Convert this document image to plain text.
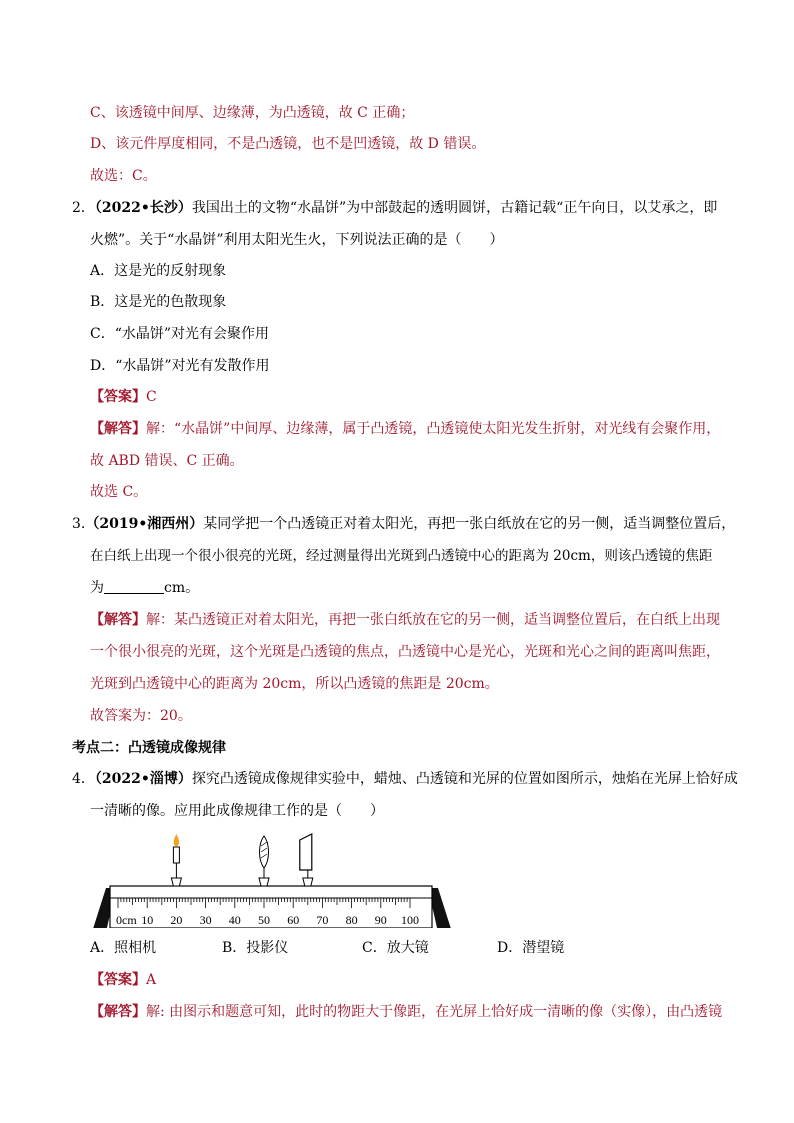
C、该透镜中间厚、边缘薄，为凸透镜，故 C 正确；
D、该元件厚度相同，不是凸透镜，也不是凹透镜，故 D 错误。
故选：C。
2．（2022•长沙）我国出土的文物“水晶饼”为中部鼓起的透明圆饼，古籍记载“正午向日，以艾承之，即
火燃”。关于“水晶饼”利用太阳光生火，下列说法正确的是（　　）
A．这是光的反射现象
B．这是光的色散现象
C．“水晶饼”对光有会聚作用
D．“水晶饼”对光有发散作用
【答案】C
【解答】解：“水晶饼”中间厚、边缘薄，属于凸透镜，凸透镜使太阳光发生折射，对光线有会聚作用，
故 ABD 错误、C 正确。
故选 C。
3.（2019•湘西州）某同学把一个凸透镜正对着太阳光，再把一张白纸放在它的另一侧，适当调整位置后，
在白纸上出现一个很小很亮的光斑，经过测量得出光斑到凸透镜中心的距离为 20cm，则该凸透镜的焦距
为	cm。
【解答】解：某凸透镜正对着太阳光，再把一张白纸放在它的另一侧，适当调整位置后，在白纸上出现
一个很小很亮的光斑，这个光斑是凸透镜的焦点，凸透镜中心是光心，光斑和光心之间的距离叫焦距，
光斑到凸透镜中心的距离为 20cm，所以凸透镜的焦距是 20cm。
故答案为：20。
考点二：凸透镜成像规律
4．（2022•淄博）探究凸透镜成像规律实验中，蜡烛、凸透镜和光屏的位置如图所示，烛焰在光屏上恰好成
一清晰的像。应用此成像规律工作的是（　　）
0cm 10 20 30 40 50 60 70 80 90 100
A．照相机	B．投影仪	C．放大镜	D．潜望镜
【答案】A
【解答】解: 由图示和题意可知，此时的物距大于像距，在光屏上恰好成一清晰的像（实像），由凸透镜
